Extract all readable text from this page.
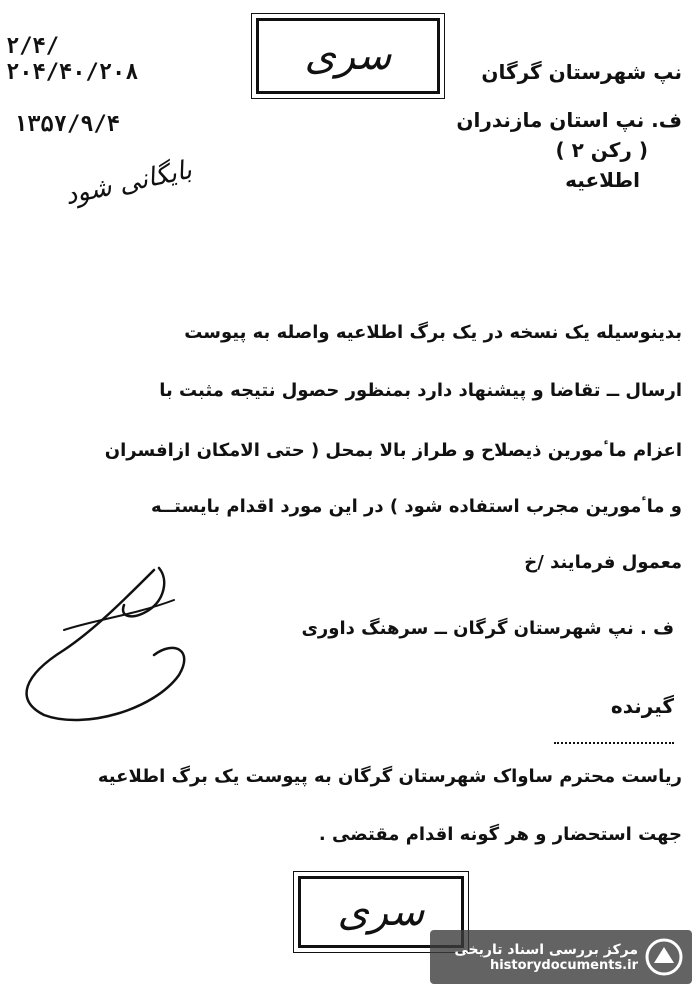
سری
۲/۴/
۲۰۴/۴۰/۲۰۸
۱۳۵۷/۹/۴
بایگانی شود
نپ شهرستان گرگان
ف. نپ استان مازندران
( رکن ۲ )
اطلاعیه
بدینوسیله یک نسخه در یک برگ اطلاعیه واصله به پیوست
ارسال ــ تقاضا و پیشنهاد دارد بمنظور حصول نتیجه مثبت با
اعزام ماٴمورین ذیصلاح و طراز بالا بمحل ( حتی الامکان ازافسران
و ماٴمورین مجرب استفاده شود ) در این مورد اقدام بایستــه
معمول فرمایند /خ
ف . نپ شهرستان گرگان ــ سرهنگ داوری
گیرنده
ریاست محترم ساواک شهرستان گرگان به پیوست یک برگ اطلاعیه
جهت استحضار و هر گونه اقدام مقتضی .
سری
مرکز بررسی اسناد تاریخی
historydocuments.ir
